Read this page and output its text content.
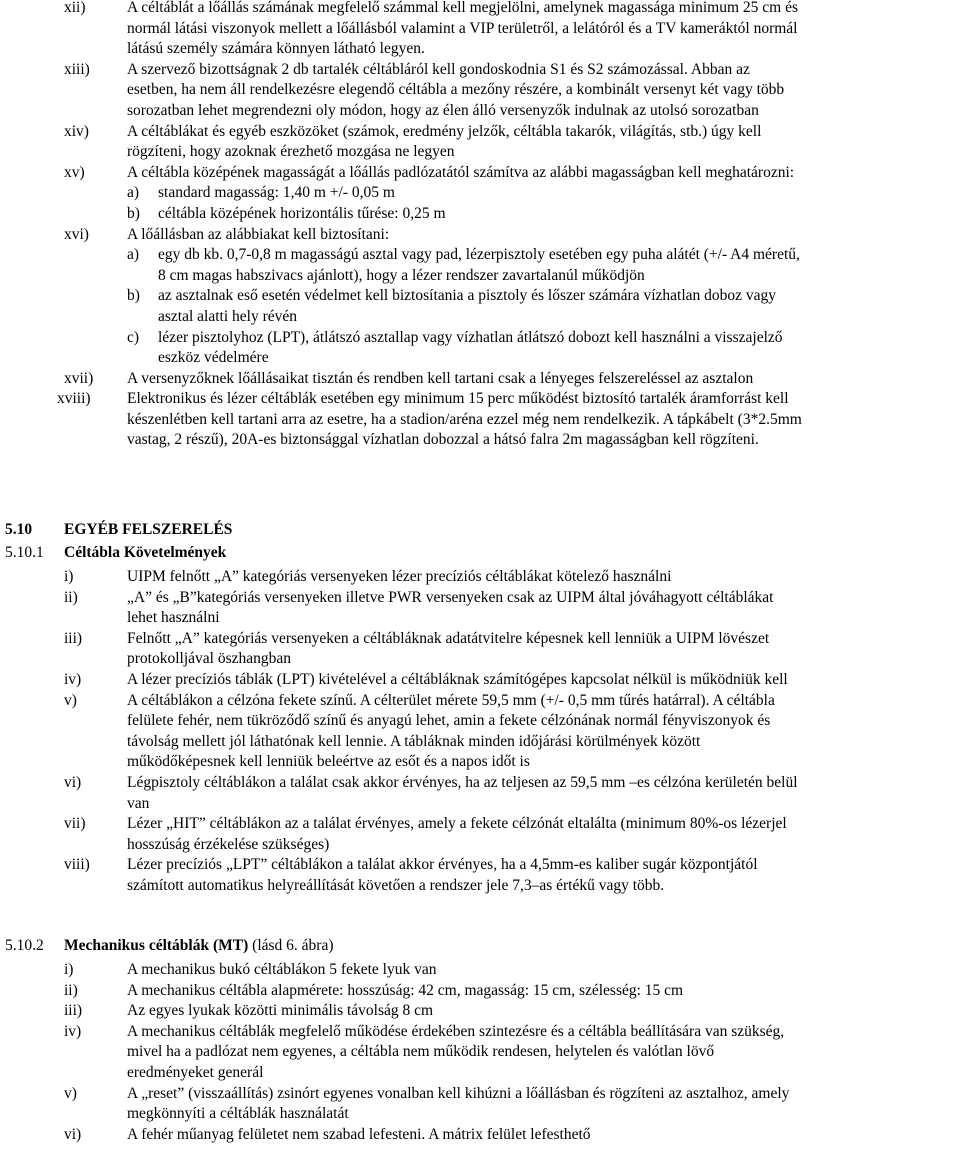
xii)	A céltáblát a lőállás számának megfelelő számmal kell megjelölni, amelynek magassága minimum 25 cm és
normál látási viszonyok mellett a lőállásból valamint a VIP területről, a lelátóról és a TV kameráktól normál
látású személy számára könnyen látható legyen.
xiii) A szervező bizottságnak 2 db tartalék céltábláról kell gondoskodnia S1 és S2 számozással. Abban az
esetben, ha nem áll rendelkezésre elegendő céltábla a mezőny részére, a kombinált versenyt két vagy több
sorozatban lehet megrendezni oly módon, hogy az élen álló versenyzők indulnak az utolsó sorozatban
xiv) A céltáblákat és egyéb eszközöket (számok, eredmény jelzők, céltábla takarók, világítás, stb.) úgy kell
rögzíteni, hogy azoknak érezhető mozgása ne legyen
xv)	A céltábla középének magasságát a lőállás padlózatától számítva az alábbi magasságban kell meghatározni:
a) standard magasság: 1,40 m +/- 0,05 m
b) céltábla középének horizontális tűrése: 0,25 m
xvi) A lőállásban az alábbiakat kell biztosítani:
a) egy db kb. 0,7-0,8 m magasságú asztal vagy pad, lézerpisztoly esetében egy puha alátét (+/- A4 méretű,
8 cm magas habszivacs ajánlott), hogy a lézer rendszer zavartalanúl működjön
b) az asztalnak eső esetén védelmet kell biztosítania a pisztoly és lőszer számára vízhatlan doboz vagy
asztal alatti hely révén
c) lézer pisztolyhoz (LPT), átlátszó asztallap vagy vízhatlan átlátszó dobozt kell használni a visszajelző
eszköz védelmére
xvii) A versenyzőknek lőállásaikat tisztán és rendben kell tartani csak a lényeges felszereléssel az asztalon
xviii) Elektronikus és lézer céltáblák esetében egy minimum 15 perc működést biztosító tartalék áramforrást kell
készenlétben kell tartani arra az esetre, ha a stadion/aréna ezzel még nem rendelkezik. A tápkábelt (3*2.5mm
vastag, 2 részű), 20A-es biztonsággal vízhatlan dobozzal a hátsó falra 2m magasságban kell rögzíteni.
5.10	EGYÉB FELSZERELÉS
5.10.1	Céltábla Követelmények
i)	UIPM felnőtt „A” kategóriás versenyeken lézer precíziós céltáblákat kötelező használni
ii)	„A” és „B”kategóriás versenyeken illetve PWR versenyeken csak az UIPM által jóváhagyott céltáblákat
lehet használni
iii)	Felnőtt „A” kategóriás versenyeken a céltábláknak adatátvitelre képesnek kell lenniük a UIPM lövészet
protokolljával öszhangban
iv)	A lézer precíziós táblák (LPT) kivételével a céltábláknak számítógépes kapcsolat nélkül is működniük kell
v)	A céltáblákon a célzóna fekete színű. A célterület mérete 59,5 mm (+/- 0,5 mm tűrés határral). A céltábla
felülete fehér, nem tükröződő színű és anyagú lehet, amin a fekete célzónának normál fényviszonyok és
távolság mellett jól láthatónak kell lennie. A tábláknak minden időjárási körülmények között
működőképesnek kell lenniük beleértve az esőt és a napos időt is
vi)	Légpisztoly céltáblákon a találat csak akkor érvényes, ha az teljesen az 59,5 mm –es célzóna kerületén belül
van
vii)	Lézer „HIT” céltáblákon az a találat érvényes, amely a fekete célzónát eltalálta (minimum 80%-os lézerjel
hosszúság érzékelése szükséges)
viii) Lézer precíziós „LPT” céltáblákon a találat akkor érvényes, ha a 4,5mm-es kaliber sugár központjától
számított automatikus helyreállítását követően a rendszer jele 7,3–as értékű vagy több.
5.10.2	Mechanikus céltáblák (MT) (lásd 6. ábra)
i)	A mechanikus bukó céltáblákon 5 fekete lyuk van
ii)	A mechanikus céltábla alapmérete: hosszúság: 42 cm, magasság: 15 cm, szélesség: 15 cm
iii)	Az egyes lyukak közötti minimális távolság 8 cm
iv)	A mechanikus céltáblák megfelelő működése érdekében szintezésre és a céltábla beállítására van szükség,
mivel ha a padlózat nem egyenes, a céltábla nem működik rendesen, helytelen és valótlan lövő
eredményeket generál
v)	A „reset” (visszaállítás) zsinórt egyenes vonalban kell kihúzni a lőállásban és rögzíteni az asztalhoz, amely
megkönnyíti a céltáblák használatát
vi)	A fehér műanyag felületet nem szabad lefesteni. A mátrix felület lefesthető
